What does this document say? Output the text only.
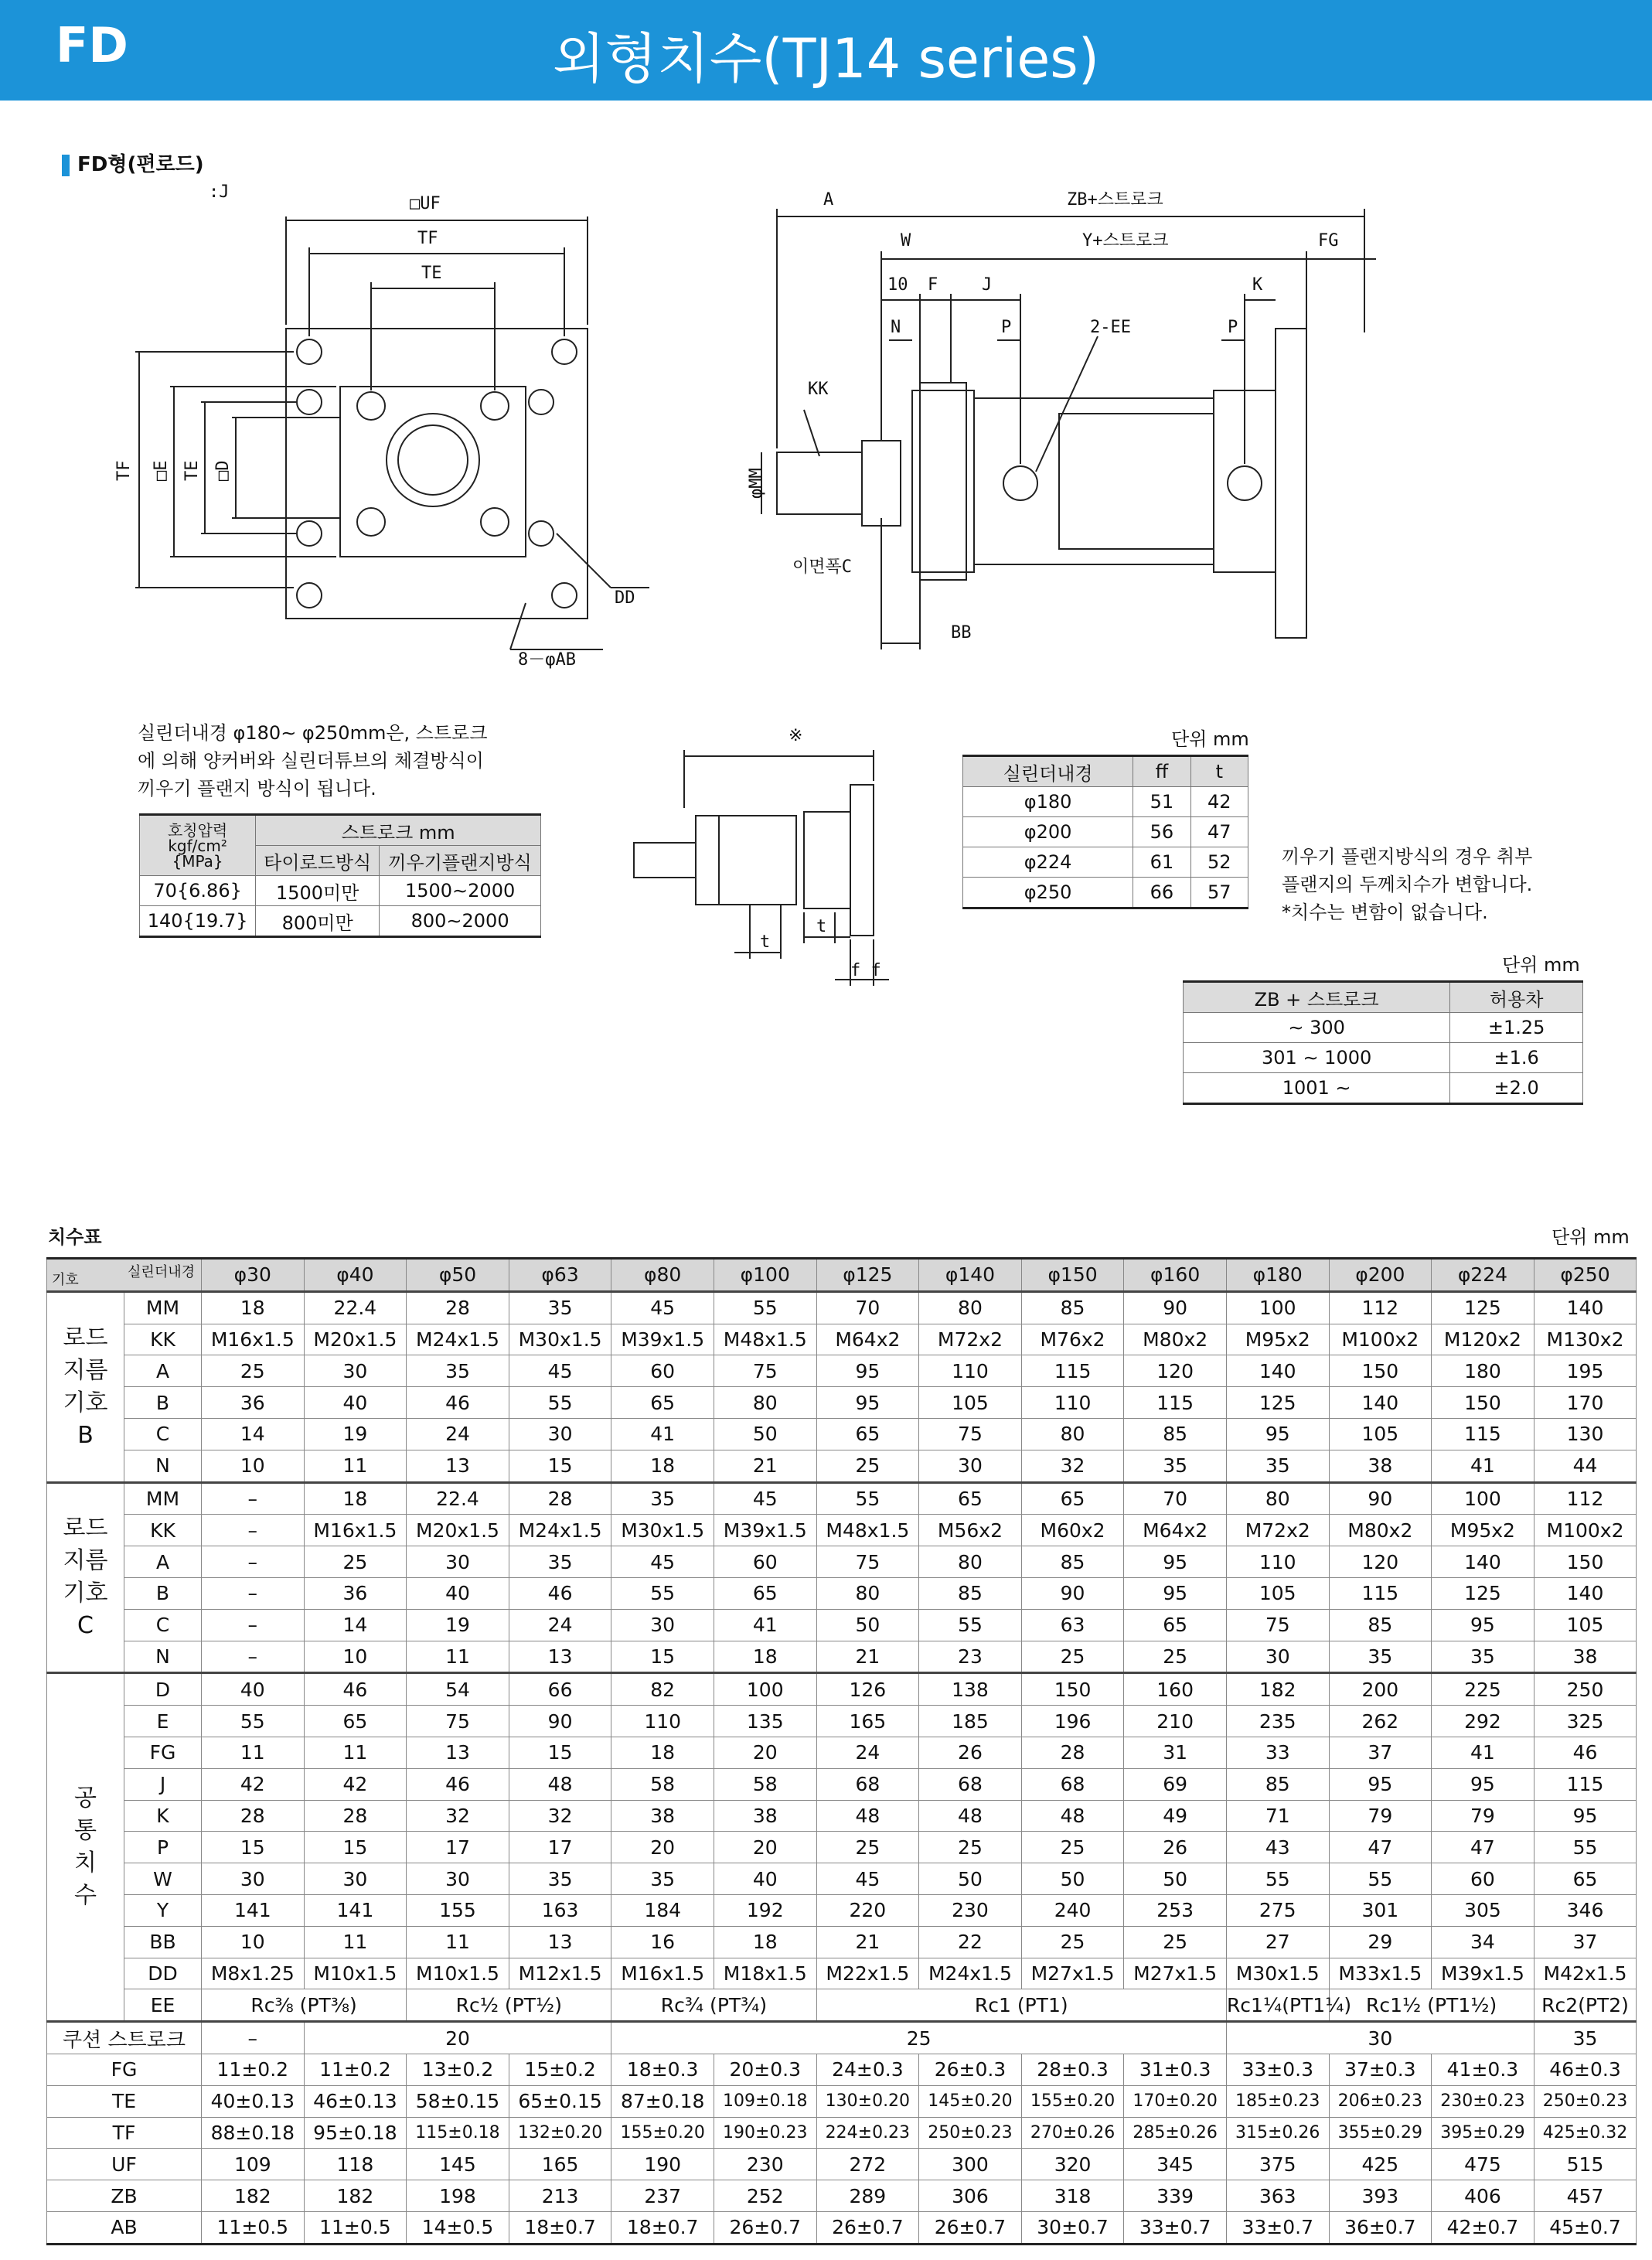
FD	외형치수(TJ14 series)
FD형(편로드)
:J
□UF
TF
TE
TF □E TE □D
DD
8－φAB
A	ZB+스트로크
W	Y+스트로크	FG
10 F	J	K
N	P	2-EE	P
KK
φMM
이면폭C
BB
실린더내경 φ180∼ φ250mm은, 스트로크
에 의해 양커버와 실린더튜브의 체결방식이
끼우기 플랜지 방식이 됩니다.
호칭압력
kgf/cm²
{MPa}	스트로크 mm	
	타이로드방식	끼우기플랜지방식
70{6.86}	1500미만	1500∼2000
140{19.7}	800미만	800∼2000
※
t
t
f f
단위 mm
실린더내경	ff	t
φ180	51	42
φ200	56	47
φ224	61	52
φ250	66	57
끼우기 플랜지방식의 경우 취부
플랜지의 두께치수가 변합니다.
*치수는 변함이 없습니다.
단위 mm
ZB + 스트로크	허용차
∼ 300	±1.25
301 ∼ 1000	±1.6
1001 ∼	±2.0
치수표	단위 mm
실린더내경
기호		φ30	φ40	φ50	φ63	φ80	φ100	φ125	φ140	φ150	φ160	φ180	φ200	φ224	φ250

로드
지름
기호
B	MM	18	22.4	28	35	45	55	70	80	85	90	100	112	125	140
	KK	M16x1.5	M20x1.5	M24x1.5	M30x1.5	M39x1.5	M48x1.5	M64x2	M72x2	M76x2	M80x2	M95x2	M100x2	M120x2	M130x2
	A	25	30	35	45	60	75	95	110	115	120	140	150	180	195
	B	36	40	46	55	65	80	95	105	110	115	125	140	150	170
	C	14	19	24	30	41	50	65	75	80	85	95	105	115	130
	N	10	11	13	15	18	21	25	30	32	35	35	38	41	44

로드
지름
기호
C	MM	–	18	22.4	28	35	45	55	65	65	70	80	90	100	112
	KK	–	M16x1.5	M20x1.5	M24x1.5	M30x1.5	M39x1.5	M48x1.5	M56x2	M60x2	M64x2	M72x2	M80x2	M95x2	M100x2
	A	–	25	30	35	45	60	75	80	85	95	110	120	140	150
	B	–	36	40	46	55	65	80	85	90	95	105	115	125	140
	C	–	14	19	24	30	41	50	55	63	65	75	85	95	105
	N	–	10	11	13	15	18	21	23	25	25	30	35	35	38

공
통
치
수	D	40	46	54	66	82	100	126	138	150	160	182	200	225	250
	E	55	65	75	90	110	135	165	185	196	210	235	262	292	325
	FG	11	11	13	15	18	20	24	26	28	31	33	37	41	46
	J	42	42	46	48	58	58	68	68	68	69	85	95	95	115
	K	28	28	32	32	38	38	48	48	48	49	71	79	79	95
	P	15	15	17	17	20	20	25	25	25	26	43	47	47	55
	W	30	30	30	35	35	40	45	50	50	50	55	55	60	65
	Y	141	141	155	163	184	192	220	230	240	253	275	301	305	346
	BB	10	11	11	13	16	18	21	22	25	25	27	29	34	37
	DD	M8x1.25	M10x1.5	M10x1.5	M12x1.5	M16x1.5	M18x1.5	M22x1.5	M24x1.5	M27x1.5	M27x1.5	M30x1.5	M33x1.5	M39x1.5	M42x1.5
	EE	Rc⅜ (PT⅜)		Rc½ (PT½)		Rc¾ (PT¾)		Rc1 (PT1)				Rc1¼(PT1¼)	Rc1½ (PT1½)		Rc2(PT2)
쿠션 스트로크		–	20			25						30			35
FG		11±0.2	11±0.2	13±0.2	15±0.2	18±0.3	20±0.3	24±0.3	26±0.3	28±0.3	31±0.3	33±0.3	37±0.3	41±0.3	46±0.3
TE		40±0.13	46±0.13	58±0.15	65±0.15	87±0.18	109±0.18	130±0.20	145±0.20	155±0.20	170±0.20	185±0.23	206±0.23	230±0.23	250±0.23
TF		88±0.18	95±0.18	115±0.18	132±0.20	155±0.20	190±0.23	224±0.23	250±0.23	270±0.26	285±0.26	315±0.26	355±0.29	395±0.29	425±0.32
UF		109	118	145	165	190	230	272	300	320	345	375	425	475	515
ZB		182	182	198	213	237	252	289	306	318	339	363	393	406	457
AB		11±0.5	11±0.5	14±0.5	18±0.7	18±0.7	26±0.7	26±0.7	26±0.7	30±0.7	33±0.7	33±0.7	36±0.7	42±0.7	45±0.7
